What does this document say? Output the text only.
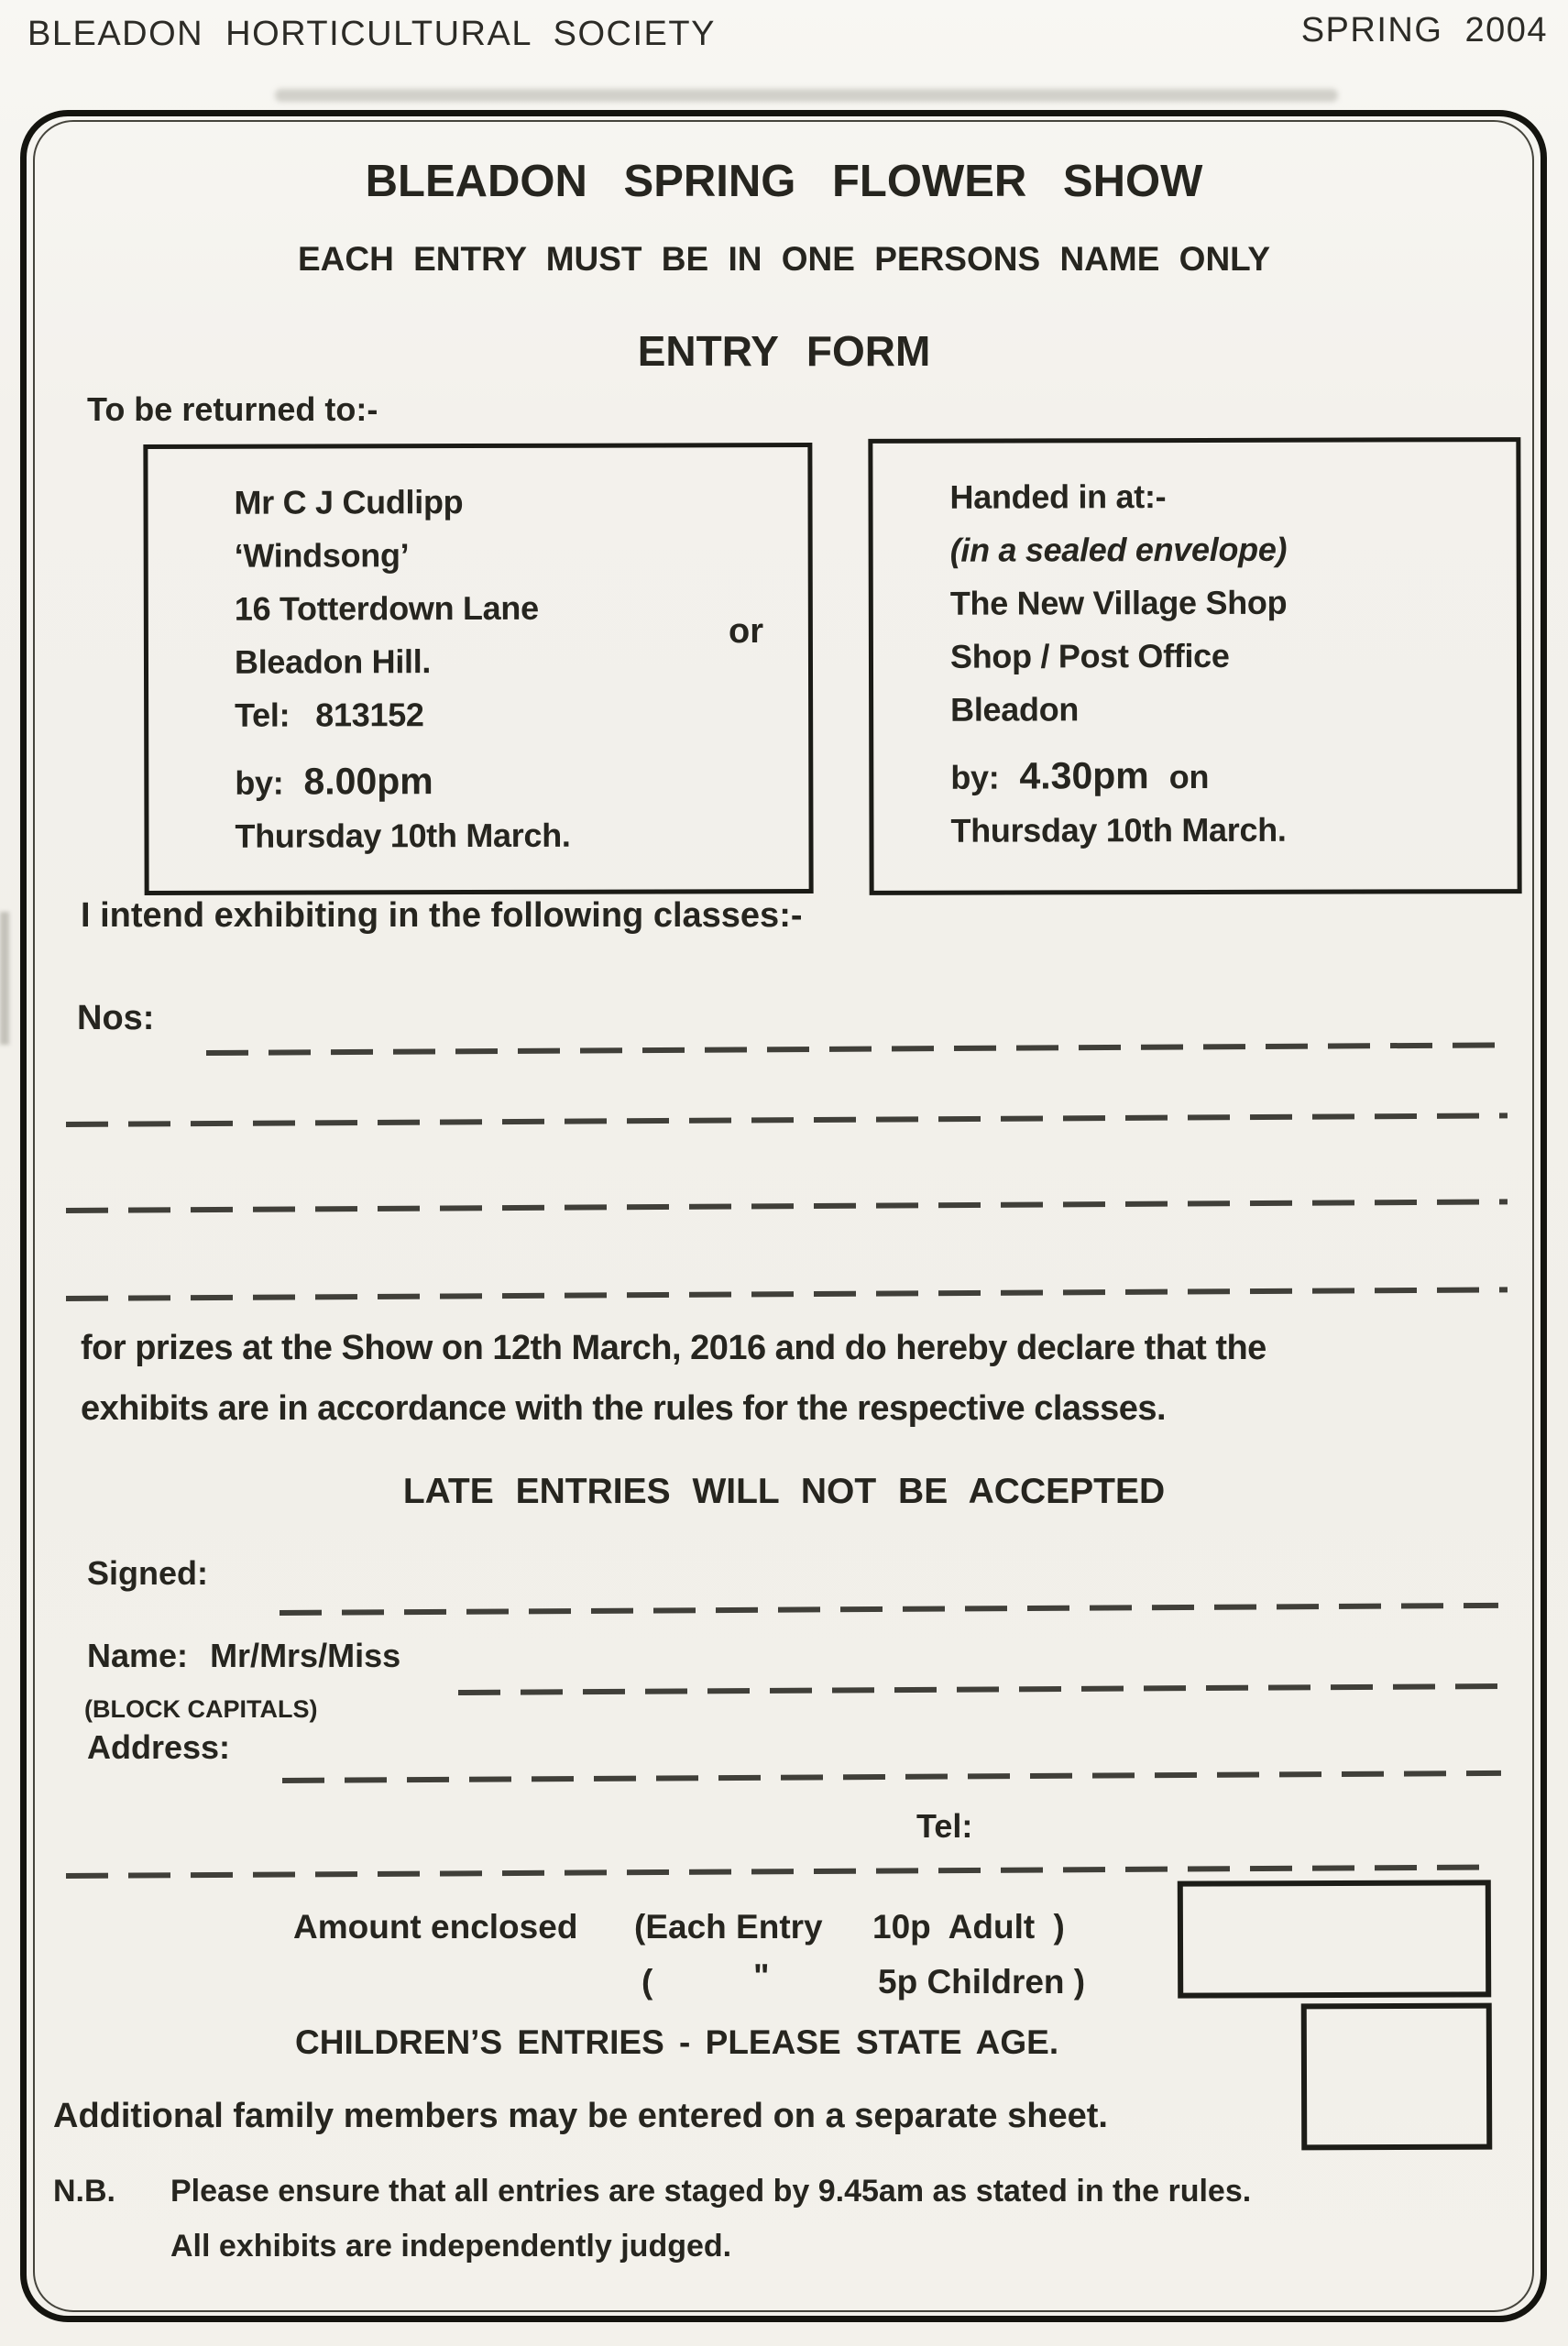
BLEADON HORTICULTURAL SOCIETY	SPRING 2004
BLEADON SPRING FLOWER SHOW
EACH ENTRY MUST BE IN ONE PERSONS NAME ONLY
ENTRY FORM
To be returned to:-
Mr C J Cudlipp
‘Windsong’
16 Totterdown Lane
Bleadon Hill.
Tel: 813152
by: 8.00pm
Thursday 10th March.
or
Handed in at:-
(in a sealed envelope)
The New Village Shop
Shop / Post Office
Bleadon
by: 4.30pm on
Thursday 10th March.
I intend exhibiting in the following classes:-
Nos:
for prizes at the Show on 12th March, 2016 and do hereby declare that the
exhibits are in accordance with the rules for the respective classes.
LATE ENTRIES WILL NOT BE ACCEPTED
Signed:
Name: Mr/Mrs/Miss
(BLOCK CAPITALS)
Address:
Tel:
Amount enclosed (Each Entry 10p Adult )
(	"	5p Children )
CHILDREN’S ENTRIES - PLEASE STATE AGE.
Additional family members may be entered on a separate sheet.
N.B. Please ensure that all entries are staged by 9.45am as stated in the rules.
All exhibits are independently judged.
